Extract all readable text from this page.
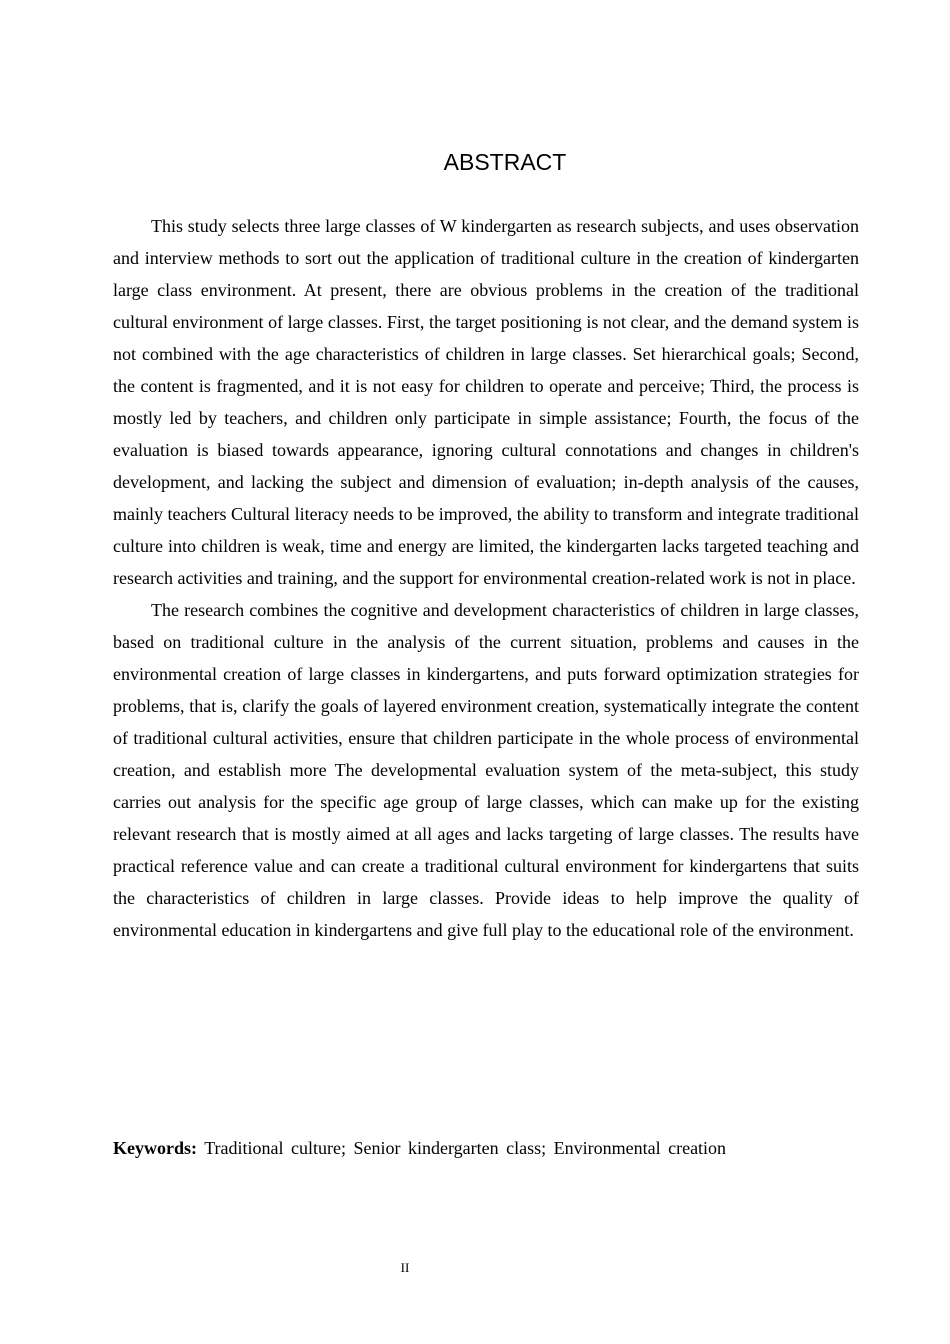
ABSTRACT

This study selects three large classes of W kindergarten as research subjects, and uses observation and interview methods to sort out the application of traditional culture in the creation of kindergarten large class environment. At present, there are obvious problems in the creation of the traditional cultural environment of large classes. First, the target positioning is not clear, and the demand system is not combined with the age characteristics of children in large classes. Set hierarchical goals; Second, the content is fragmented, and it is not easy for children to operate and perceive; Third, the process is mostly led by teachers, and children only participate in simple assistance; Fourth, the focus of the evaluation is biased towards appearance, ignoring cultural connotations and changes in children's development, and lacking the subject and dimension of evaluation; in-depth analysis of the causes, mainly teachers Cultural literacy needs to be improved, the ability to transform and integrate traditional culture into children is weak, time and energy are limited, the kindergarten lacks targeted teaching and research activities and training, and the support for environmental creation-related work is not in place.

The research combines the cognitive and development characteristics of children in large classes, based on traditional culture in the analysis of the current situation, problems and causes in the environmental creation of large classes in kindergartens, and puts forward optimization strategies for problems, that is, clarify the goals of layered environment creation, systematically integrate the content of traditional cultural activities, ensure that children participate in the whole process of environmental creation, and establish more The developmental evaluation system of the meta-subject, this study carries out analysis for the specific age group of large classes, which can make up for the existing relevant research that is mostly aimed at all ages and lacks targeting of large classes. The results have practical reference value and can create a traditional cultural environment for kindergartens that suits the characteristics of children in large classes. Provide ideas to help improve the quality of environmental education in kindergartens and give full play to the educational role of the environment.

Keywords: Traditional culture; Senior kindergarten class; Environmental creation

II
